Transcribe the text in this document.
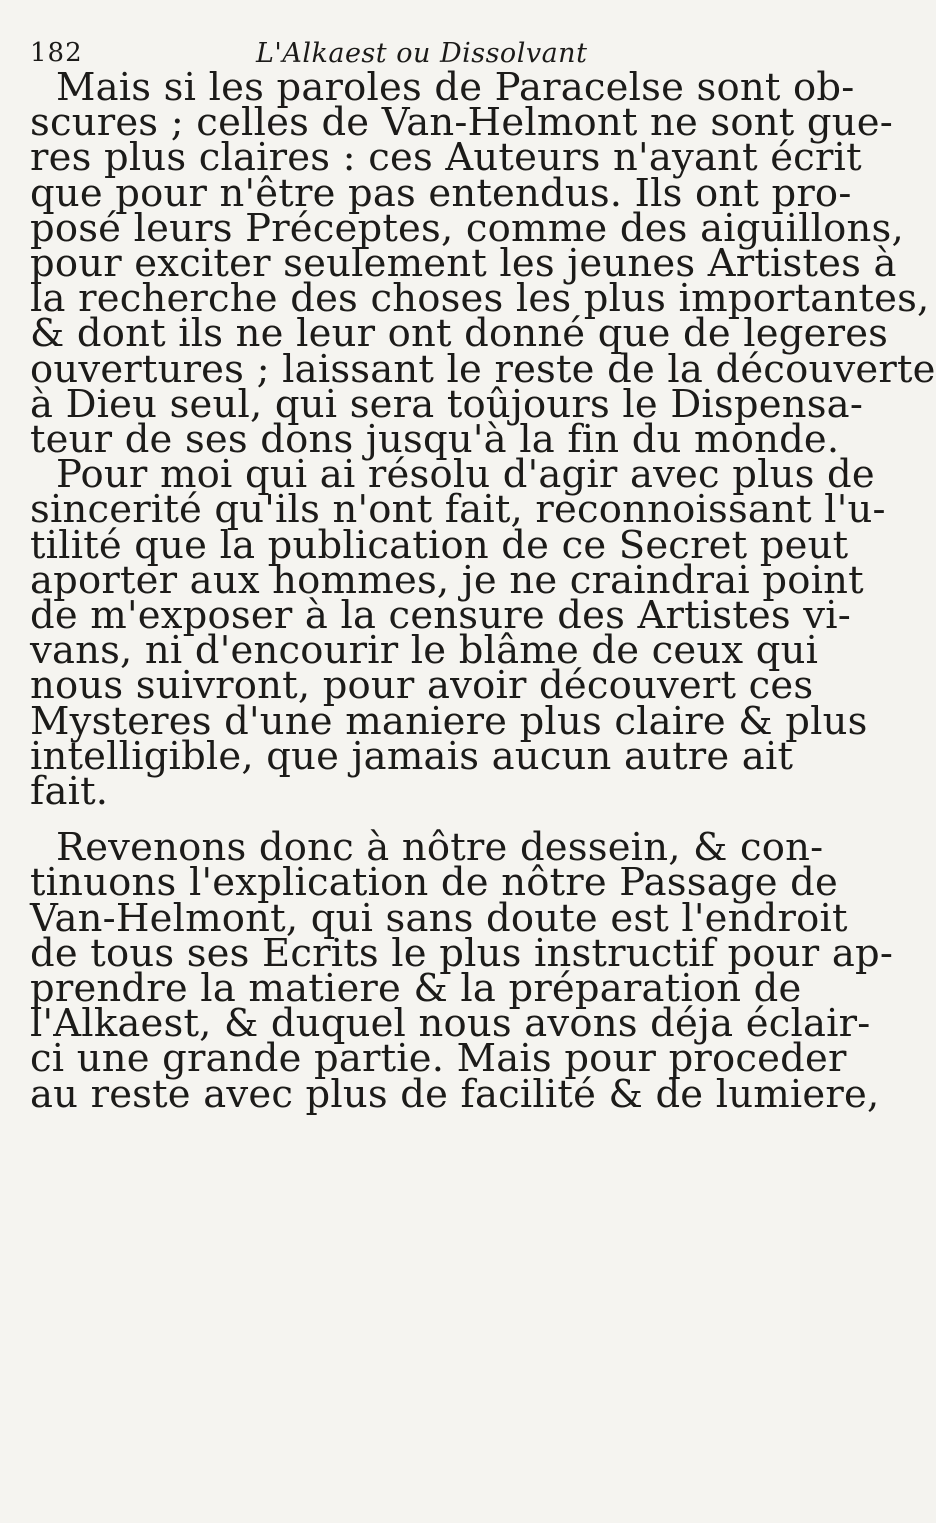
182	L'Alkaest ou Dissolvant
Mais si les paroles de Paracelse sont ob-
scures ; celles de Van-Helmont ne sont gue-
res plus claires : ces Auteurs n'ayant écrit
que pour n'être pas entendus. Ils ont pro-
posé leurs Préceptes, comme des aiguillons,
pour exciter seulement les jeunes Artistes à
la recherche des choses les plus importantes,
& dont ils ne leur ont donné que de legeres
ouvertures ; laissant le reste de la découverte
à Dieu seul, qui sera toûjours le Dispensa-
teur de ses dons jusqu'à la fin du monde.
Pour moi qui ai résolu d'agir avec plus de
sincerité qu'ils n'ont fait, reconnoissant l'u-
tilité que la publication de ce Secret peut
aporter aux hommes, je ne craindrai point
de m'exposer à la censure des Artistes vi-
vans, ni d'encourir le blâme de ceux qui
nous suivront, pour avoir découvert ces
Mysteres d'une maniere plus claire & plus
intelligible, que jamais aucun autre ait
fait.
Revenons donc à nôtre dessein, & con-
tinuons l'explication de nôtre Passage de
Van-Helmont, qui sans doute est l'endroit
de tous ses Ecrits le plus instructif pour ap-
prendre la matiere & la préparation de
l'Alkaest, & duquel nous avons déja éclair-
ci une grande partie. Mais pour proceder
au reste avec plus de facilité & de lumiere,
